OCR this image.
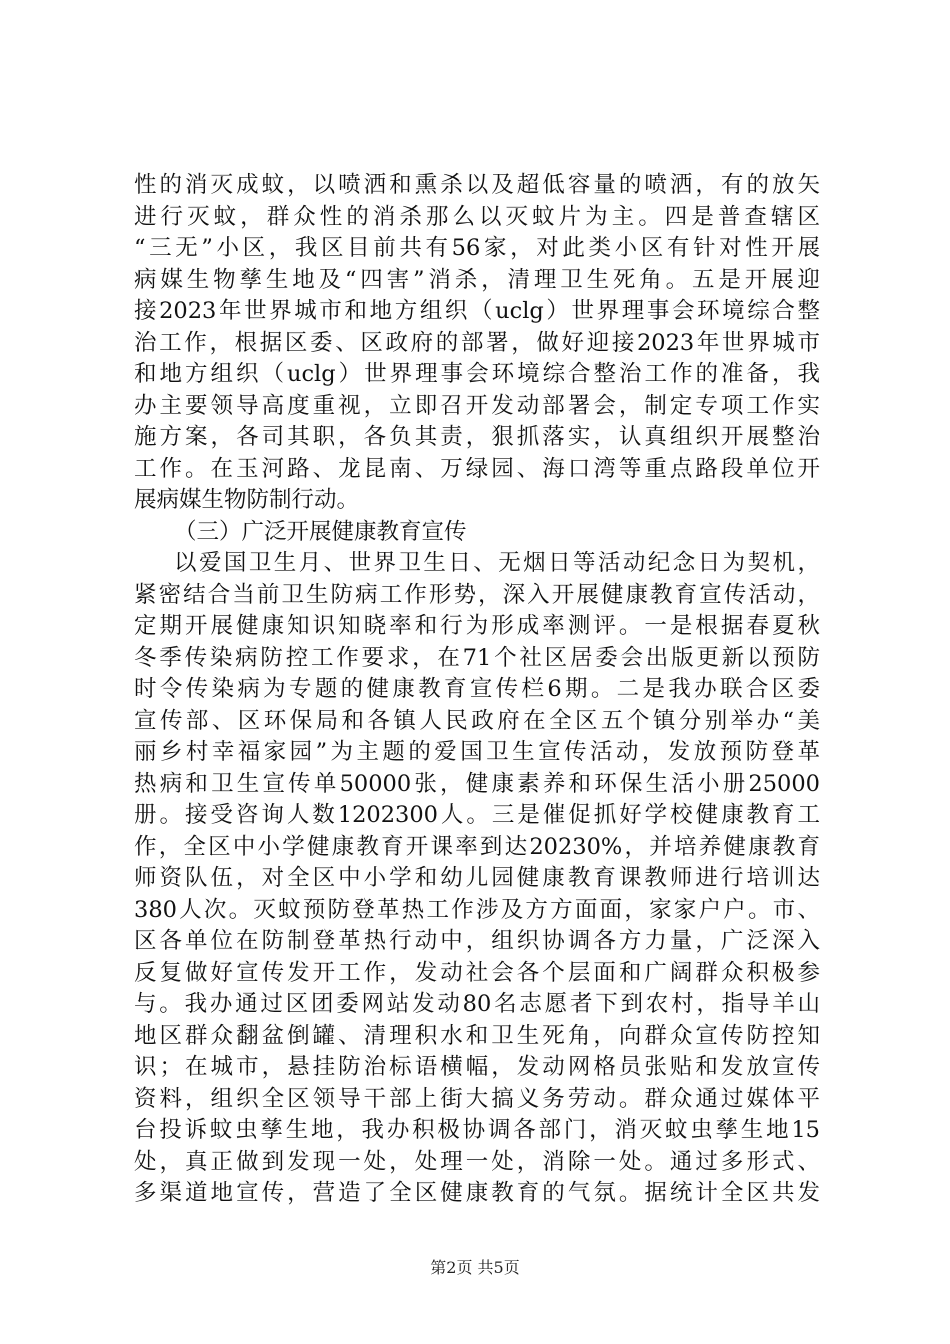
性的消灭成蚊，以喷洒和熏杀以及超低容量的喷洒，有的放矢
进行灭蚊，群众性的消杀那么以灭蚊片为主。四是普查辖区
“三无”小区，我区目前共有56家，对此类小区有针对性开展
病媒生物孳生地及“四害”消杀，清理卫生死角。五是开展迎
接2023年世界城市和地方组织（uclg）世界理事会环境综合整
治工作，根据区委、区政府的部署，做好迎接2023年世界城市
和地方组织（uclg）世界理事会环境综合整治工作的准备，我
办主要领导高度重视，立即召开发动部署会，制定专项工作实
施方案，各司其职，各负其责，狠抓落实，认真组织开展整治
工作。在玉河路、龙昆南、万绿园、海口湾等重点路段单位开
展病媒生物防制行动。
（三）广泛开展健康教育宣传
以爱国卫生月、世界卫生日、无烟日等活动纪念日为契机，
紧密结合当前卫生防病工作形势，深入开展健康教育宣传活动，
定期开展健康知识知晓率和行为形成率测评。一是根据春夏秋
冬季传染病防控工作要求，在71个社区居委会出版更新以预防
时令传染病为专题的健康教育宣传栏6期。二是我办联合区委
宣传部、区环保局和各镇人民政府在全区五个镇分别举办“美
丽乡村幸福家园”为主题的爱国卫生宣传活动，发放预防登革
热病和卫生宣传单50000张，健康素养和环保生活小册25000
册。接受咨询人数1202300人。三是催促抓好学校健康教育工
作，全区中小学健康教育开课率到达20230%，并培养健康教育
师资队伍，对全区中小学和幼儿园健康教育课教师进行培训达
380人次。灭蚊预防登革热工作涉及方方面面，家家户户。市、
区各单位在防制登革热行动中，组织协调各方力量，广泛深入
反复做好宣传发开工作，发动社会各个层面和广阔群众积极参
与。我办通过区团委网站发动80名志愿者下到农村，指导羊山
地区群众翻盆倒罐、清理积水和卫生死角，向群众宣传防控知
识；在城市，悬挂防治标语横幅，发动网格员张贴和发放宣传
资料，组织全区领导干部上街大搞义务劳动。群众通过媒体平
台投诉蚊虫孳生地，我办积极协调各部门，消灭蚊虫孳生地15
处，真正做到发现一处，处理一处，消除一处。通过多形式、
多渠道地宣传，营造了全区健康教育的气氛。据统计全区共发
第2页 共5页
